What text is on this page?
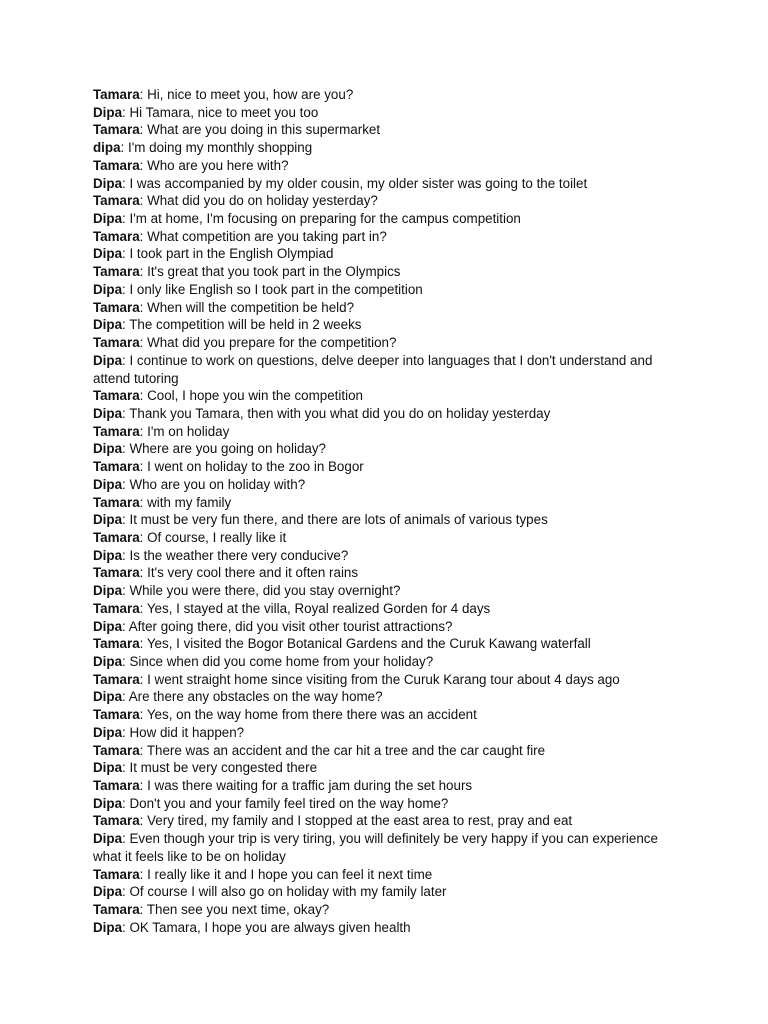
Tamara: Hi, nice to meet you, how are you?

Dipa: Hi Tamara, nice to meet you too

Tamara: What are you doing in this supermarket

dipa: I'm doing my monthly shopping

Tamara: Who are you here with?

Dipa: I was accompanied by my older cousin, my older sister was going to the toilet

Tamara: What did you do on holiday yesterday?

Dipa: I'm at home, I'm focusing on preparing for the campus competition

Tamara: What competition are you taking part in?

Dipa: I took part in the English Olympiad

Tamara: It's great that you took part in the Olympics

Dipa: I only like English so I took part in the competition

Tamara: When will the competition be held?

Dipa: The competition will be held in 2 weeks

Tamara: What did you prepare for the competition?

Dipa: I continue to work on questions, delve deeper into languages that I don't understand and attend tutoring

Tamara: Cool, I hope you win the competition

Dipa: Thank you Tamara, then with you what did you do on holiday yesterday

Tamara: I'm on holiday

Dipa: Where are you going on holiday?

Tamara: I went on holiday to the zoo in Bogor

Dipa: Who are you on holiday with?

Tamara: with my family

Dipa: It must be very fun there, and there are lots of animals of various types

Tamara: Of course, I really like it

Dipa: Is the weather there very conducive?

Tamara: It's very cool there and it often rains

Dipa: While you were there, did you stay overnight?

Tamara: Yes, I stayed at the villa, Royal realized Gorden for 4 days

Dipa: After going there, did you visit other tourist attractions?

Tamara: Yes, I visited the Bogor Botanical Gardens and the Curuk Kawang waterfall

Dipa: Since when did you come home from your holiday?

Tamara: I went straight home since visiting from the Curuk Karang tour about 4 days ago

Dipa: Are there any obstacles on the way home?

Tamara: Yes, on the way home from there there was an accident

Dipa: How did it happen?

Tamara: There was an accident and the car hit a tree and the car caught fire

Dipa: It must be very congested there

Tamara: I was there waiting for a traffic jam during the set hours

Dipa: Don't you and your family feel tired on the way home?

Tamara: Very tired, my family and I stopped at the east area to rest, pray and eat

Dipa: Even though your trip is very tiring, you will definitely be very happy if you can experience what it feels like to be on holiday

Tamara: I really like it and I hope you can feel it next time

Dipa: Of course I will also go on holiday with my family later

Tamara: Then see you next time, okay?

Dipa: OK Tamara, I hope you are always given health
